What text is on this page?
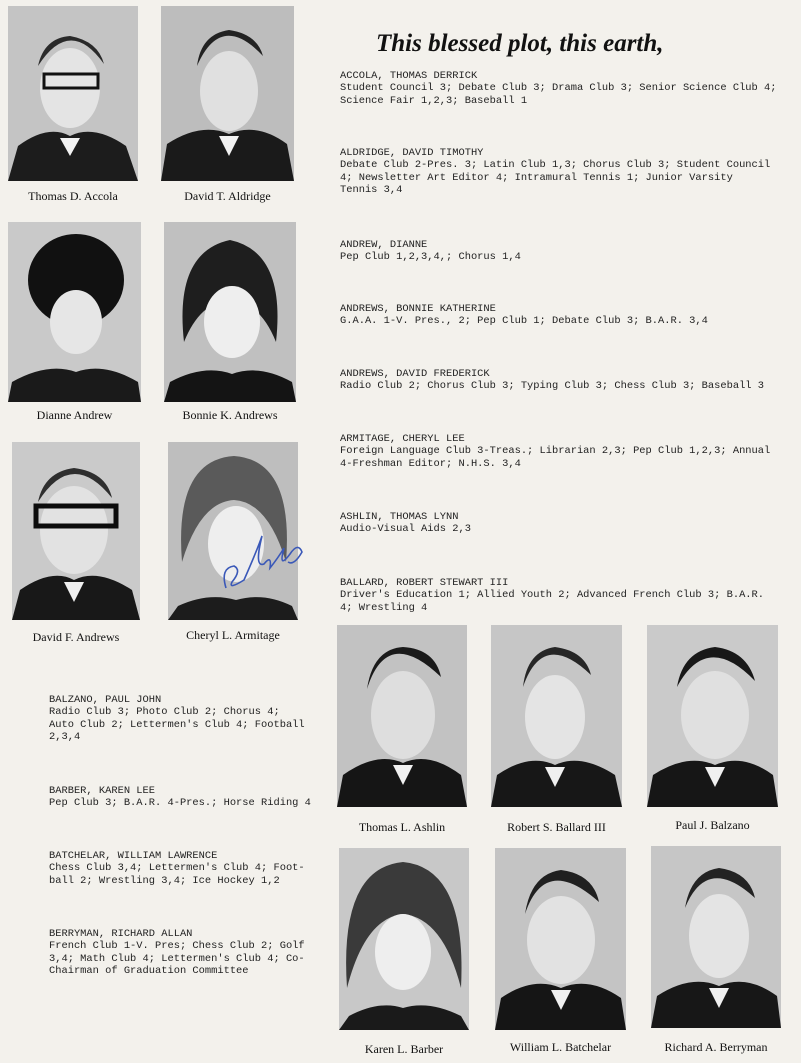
This blessed plot, this earth,
Thomas D. Accola	David T. Aldridge
Dianne Andrew	Bonnie K. Andrews
David F. Andrews	Cheryl L. Armitage
Thomas L. Ashlin	Robert S. Ballard III	Paul J. Balzano
Karen L. Barber	William L. Batchelar	Richard A. Berryman
ACCOLA, THOMAS DERRICK
Student Council 3; Debate Club 3; Drama Club 3; Senior Science Club 4;
Science Fair 1,2,3; Baseball 1
ALDRIDGE, DAVID TIMOTHY
Debate Club 2-Pres. 3; Latin Club 1,3; Chorus Club 3; Student Council
4; Newsletter Art Editor 4; Intramural Tennis 1; Junior Varsity
Tennis 3,4
ANDREW, DIANNE
Pep Club 1,2,3,4,; Chorus 1,4
ANDREWS, BONNIE KATHERINE
G.A.A. 1-V. Pres., 2; Pep Club 1; Debate Club 3; B.A.R. 3,4
ANDREWS, DAVID FREDERICK
Radio Club 2; Chorus Club 3; Typing Club 3; Chess Club 3; Baseball 3
ARMITAGE, CHERYL LEE
Foreign Language Club 3-Treas.; Librarian 2,3; Pep Club 1,2,3; Annual
4-Freshman Editor; N.H.S. 3,4
ASHLIN, THOMAS LYNN
Audio-Visual Aids 2,3
BALLARD, ROBERT STEWART III
Driver's Education 1; Allied Youth 2; Advanced French Club 3; B.A.R.
4; Wrestling 4
BALZANO, PAUL JOHN
Radio Club 3; Photo Club 2; Chorus 4;
Auto Club 2; Lettermen's Club 4; Football
2,3,4
BARBER, KAREN LEE
Pep Club 3; B.A.R. 4-Pres.; Horse Riding 4
BATCHELAR, WILLIAM LAWRENCE
Chess Club 3,4; Lettermen's Club 4; Foot-
ball 2; Wrestling 3,4; Ice Hockey 1,2
BERRYMAN, RICHARD ALLAN
French Club 1-V. Pres; Chess Club 2; Golf
3,4; Math Club 4; Lettermen's Club 4; Co-
Chairman of Graduation Committee
